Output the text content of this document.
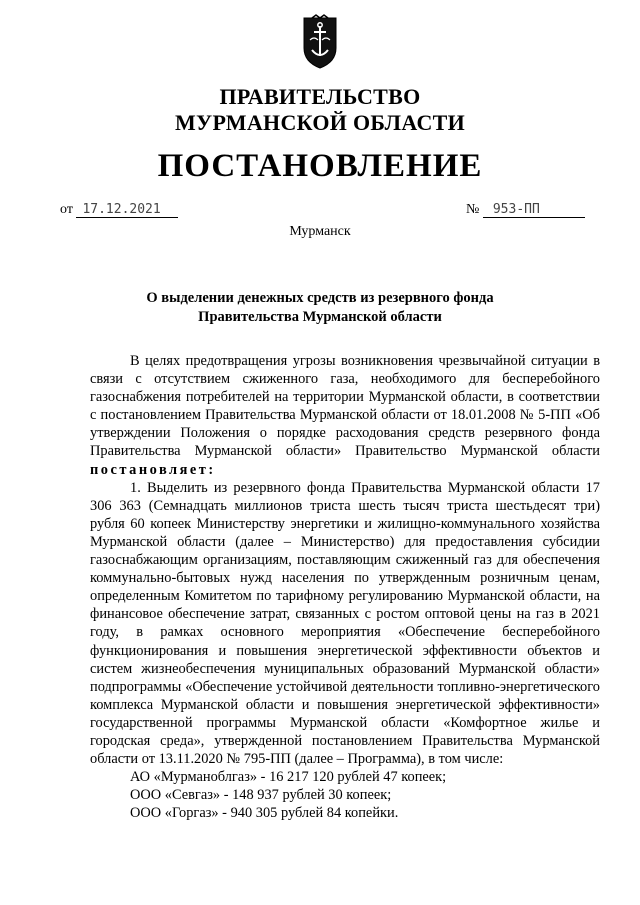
ПРАВИТЕЛЬСТВО
МУРМАНСКОЙ ОБЛАСТИ
ПОСТАНОВЛЕНИЕ
от 17.12.2021	№ 953-ПП
Мурманск
О выделении денежных средств из резервного фонда
Правительства Мурманской области

В целях предотвращения угрозы возникновения чрезвычайной ситуации в связи с отсутствием сжиженного газа, необходимого для бесперебойного газоснабжения потребителей на территории Мурманской области, в соответствии с постановлением Правительства Мурманской области от 18.01.2008 № 5-ПП «Об утверждении Положения о порядке расходования средств резервного фонда Правительства Мурманской области» Правительство Мурманской области постановляет:

1. Выделить из резервного фонда Правительства Мурманской области 17 306 363 (Семнадцать миллионов триста шесть тысяч триста шестьдесят три) рубля 60 копеек Министерству энергетики и жилищно-коммунального хозяйства Мурманской области (далее – Министерство) для предоставления субсидии газоснабжающим организациям, поставляющим сжиженный газ для обеспечения коммунально-бытовых нужд населения по утвержденным розничным ценам, определенным Комитетом по тарифному регулированию Мурманской области, на финансовое обеспечение затрат, связанных с ростом оптовой цены на газ в 2021 году, в рамках основного мероприятия «Обеспечение бесперебойного функционирования и повышения энергетической эффективности объектов и систем жизнеобеспечения муниципальных образований Мурманской области» подпрограммы «Обеспечение устойчивой деятельности топливно-энергетического комплекса Мурманской области и повышения энергетической эффективности» государственной программы Мурманской области «Комфортное жилье и городская среда», утвержденной постановлением Правительства Мурманской области от 13.11.2020 № 795-ПП (далее – Программа), в том числе:

АО «Мурманоблгаз» - 16 217 120 рублей 47 копеек;
ООО «Севгаз» - 148 937 рублей 30 копеек;
ООО «Горгаз» - 940 305 рублей 84 копейки.
